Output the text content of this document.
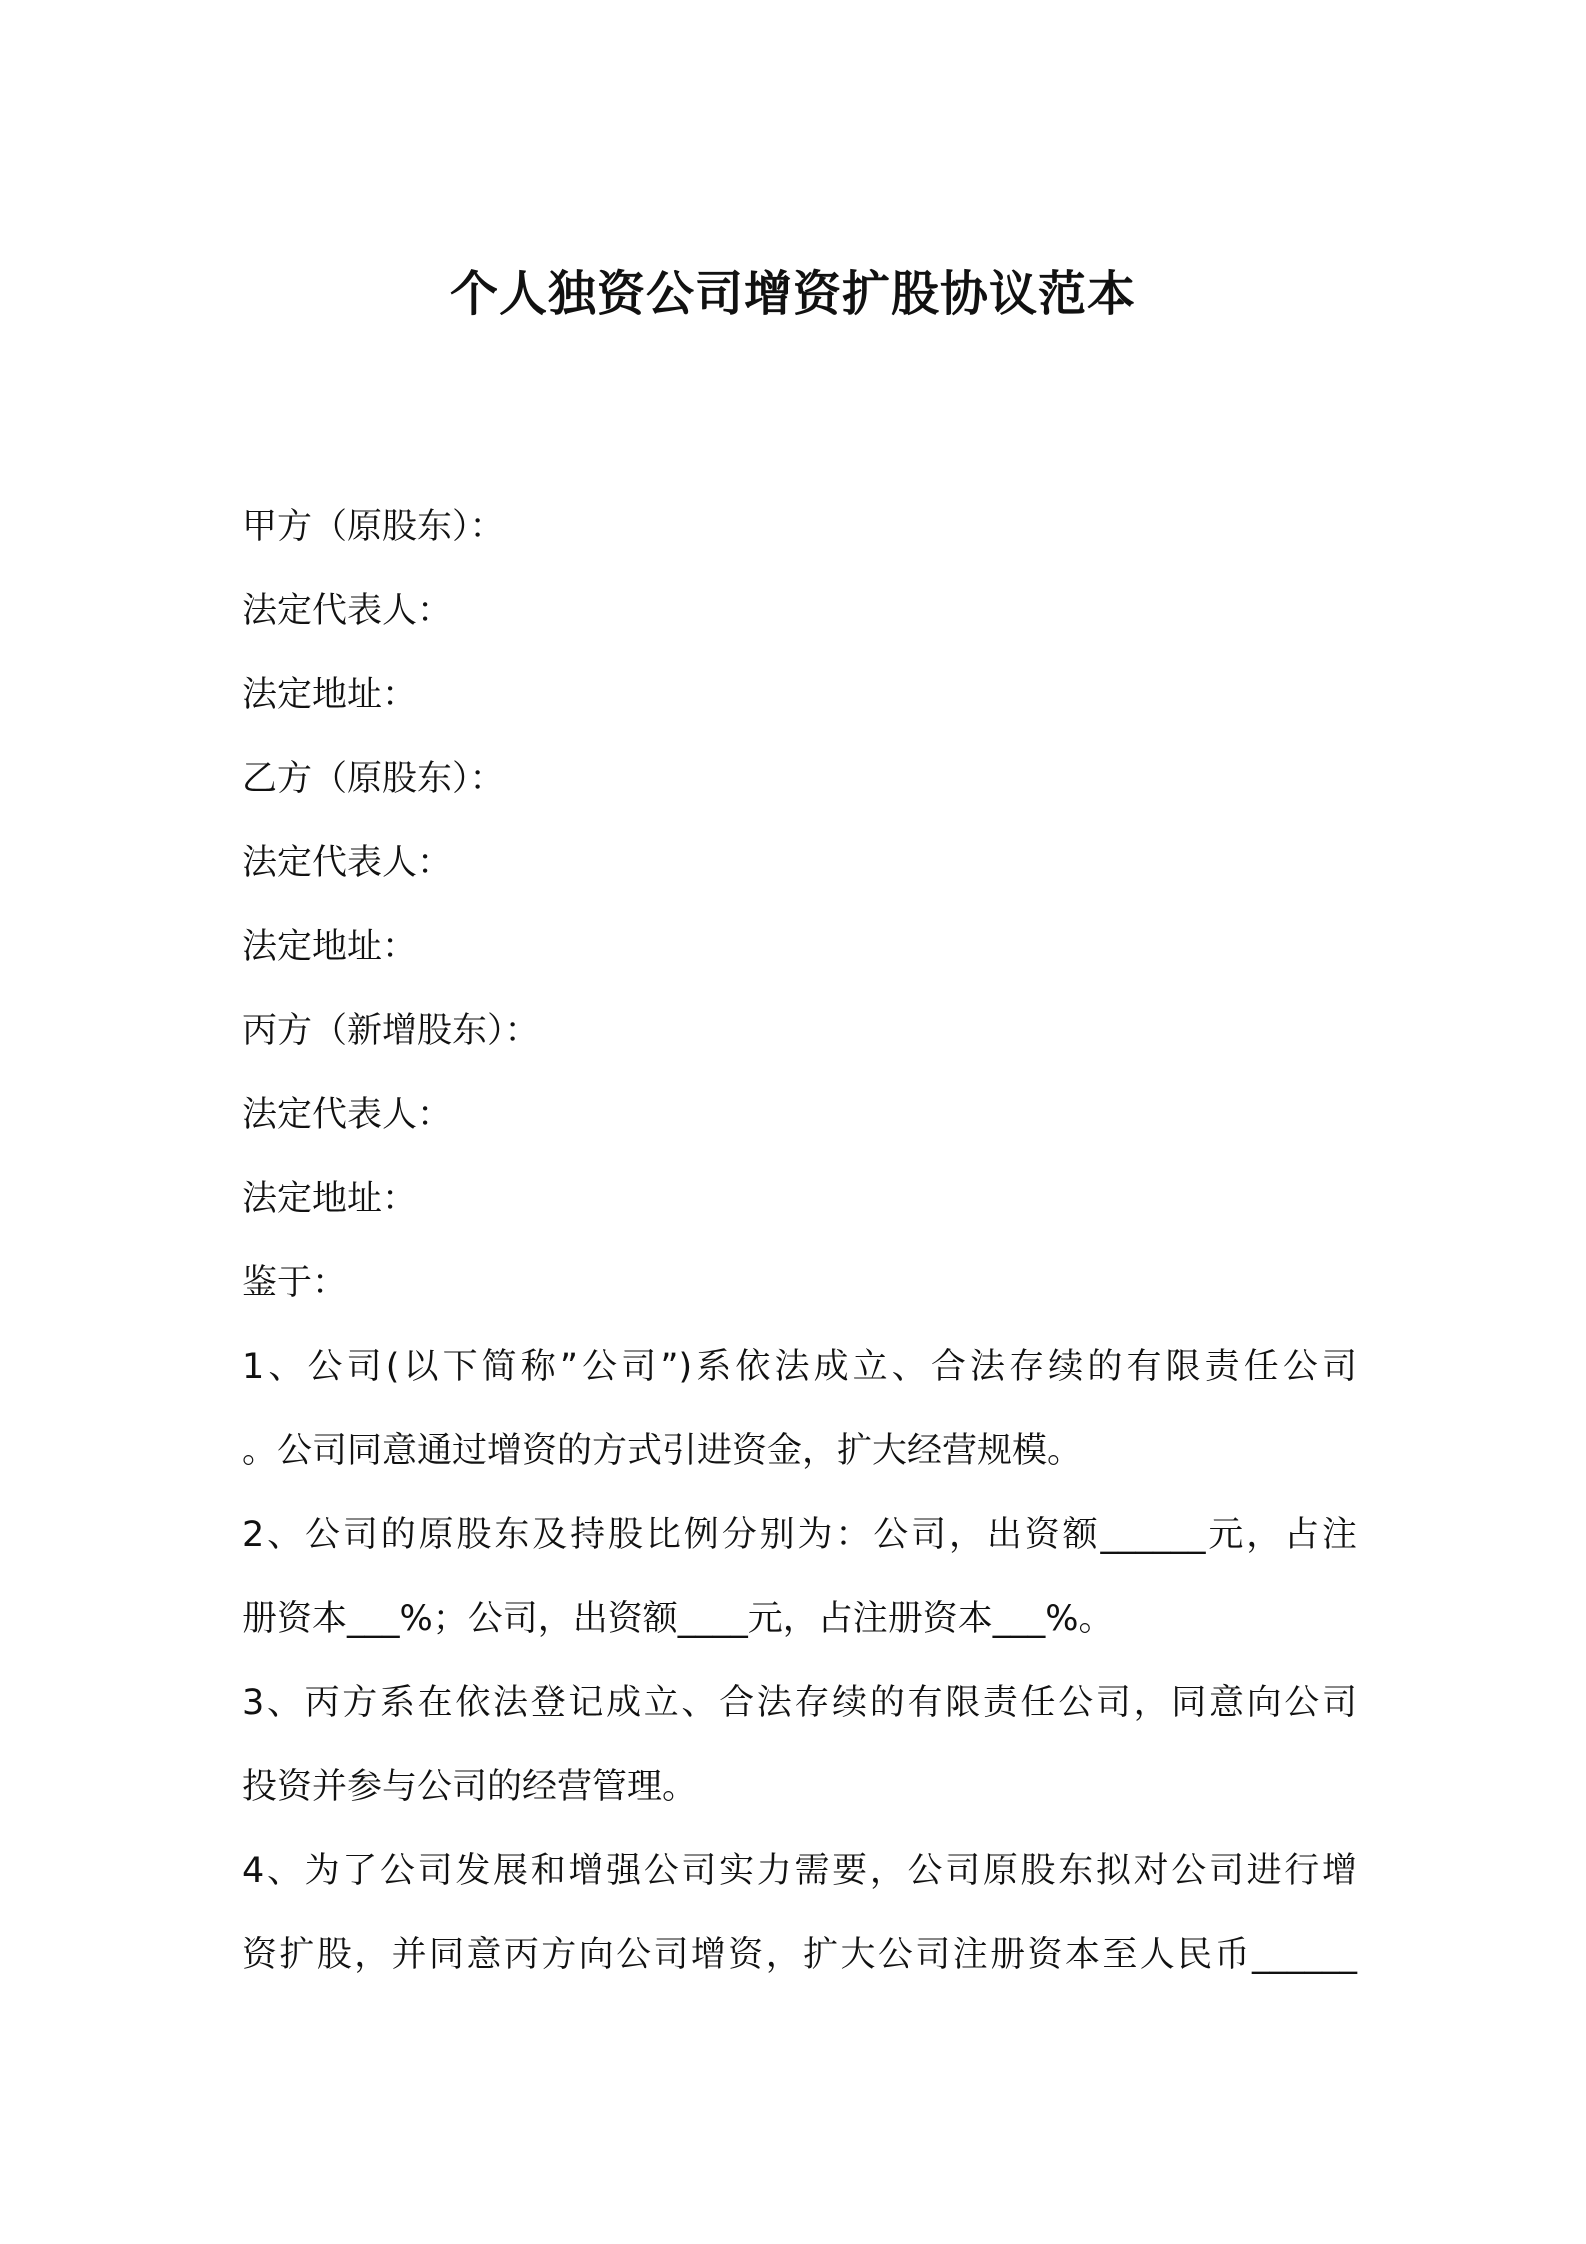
个人独资公司增资扩股协议范本

甲方（原股东）：

法定代表人：

法定地址：

乙方（原股东）：

法定代表人：

法定地址：

丙方（新增股东）：

法定代表人：

法定地址：

鉴于：

1、公司(以下简称”公司”)系依法成立、合法存续的有限责任公司

。公司同意通过增资的方式引进资金，扩大经营规模。

2、公司的原股东及持股比例分别为：公司，出资额______元，占注

册资本___%；公司，出资额____元，占注册资本___%。

3、丙方系在依法登记成立、合法存续的有限责任公司，同意向公司

投资并参与公司的经营管理。

4、为了公司发展和增强公司实力需要，公司原股东拟对公司进行增

资扩股，并同意丙方向公司增资，扩大公司注册资本至人民币______
